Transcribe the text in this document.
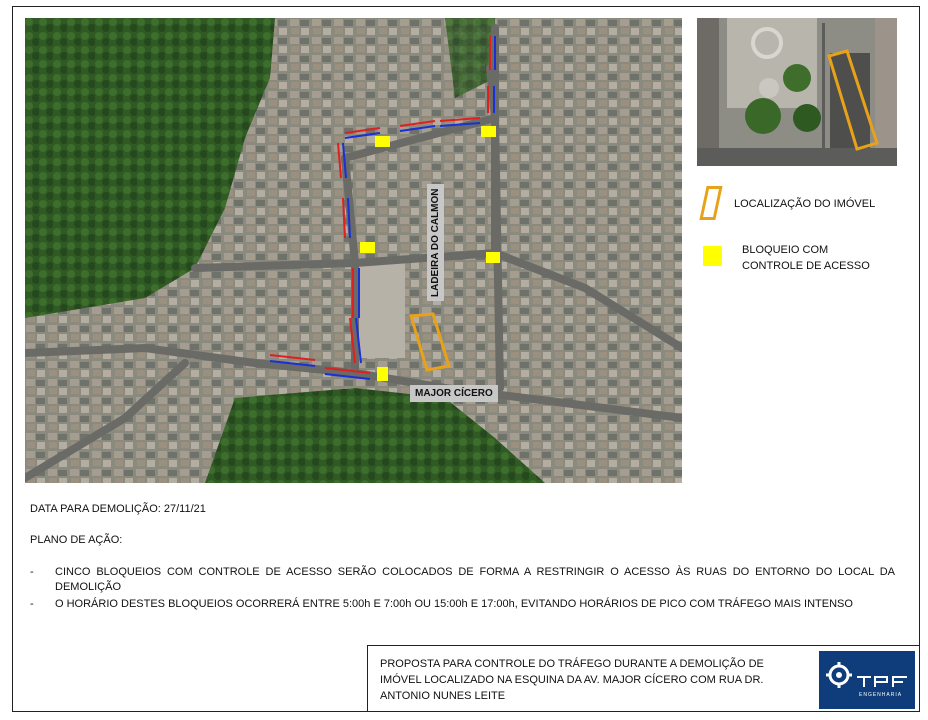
MAJOR CÍCERO
LADEIRA DO CALMON	LOCALIZAÇÃO DO IMÓVEL
BLOQUEIO COM CONTROLE DE ACESSO
DATA PARA DEMOLIÇÃO: 27/11/21
PLANO DE AÇÃO:
-	CINCO BLOQUEIOS COM CONTROLE DE ACESSO SERÃO COLOCADOS DE FORMA A RESTRINGIR O ACESSO ÀS RUAS DO ENTORNO DO LOCAL DA DEMOLIÇÃO
-	O HORÁRIO DESTES BLOQUEIOS OCORRERÁ ENTRE 5:00h E 7:00h OU 15:00h E 17:00h, EVITANDO HORÁRIOS DE PICO COM TRÁFEGO MAIS INTENSO
PROPOSTA PARA CONTROLE DO TRÁFEGO DURANTE A DEMOLIÇÃO DE IMÓVEL LOCALIZADO NA ESQUINA DA AV. MAJOR CÍCERO COM RUA DR. ANTONIO NUNES LEITE	ENGENHARIA
